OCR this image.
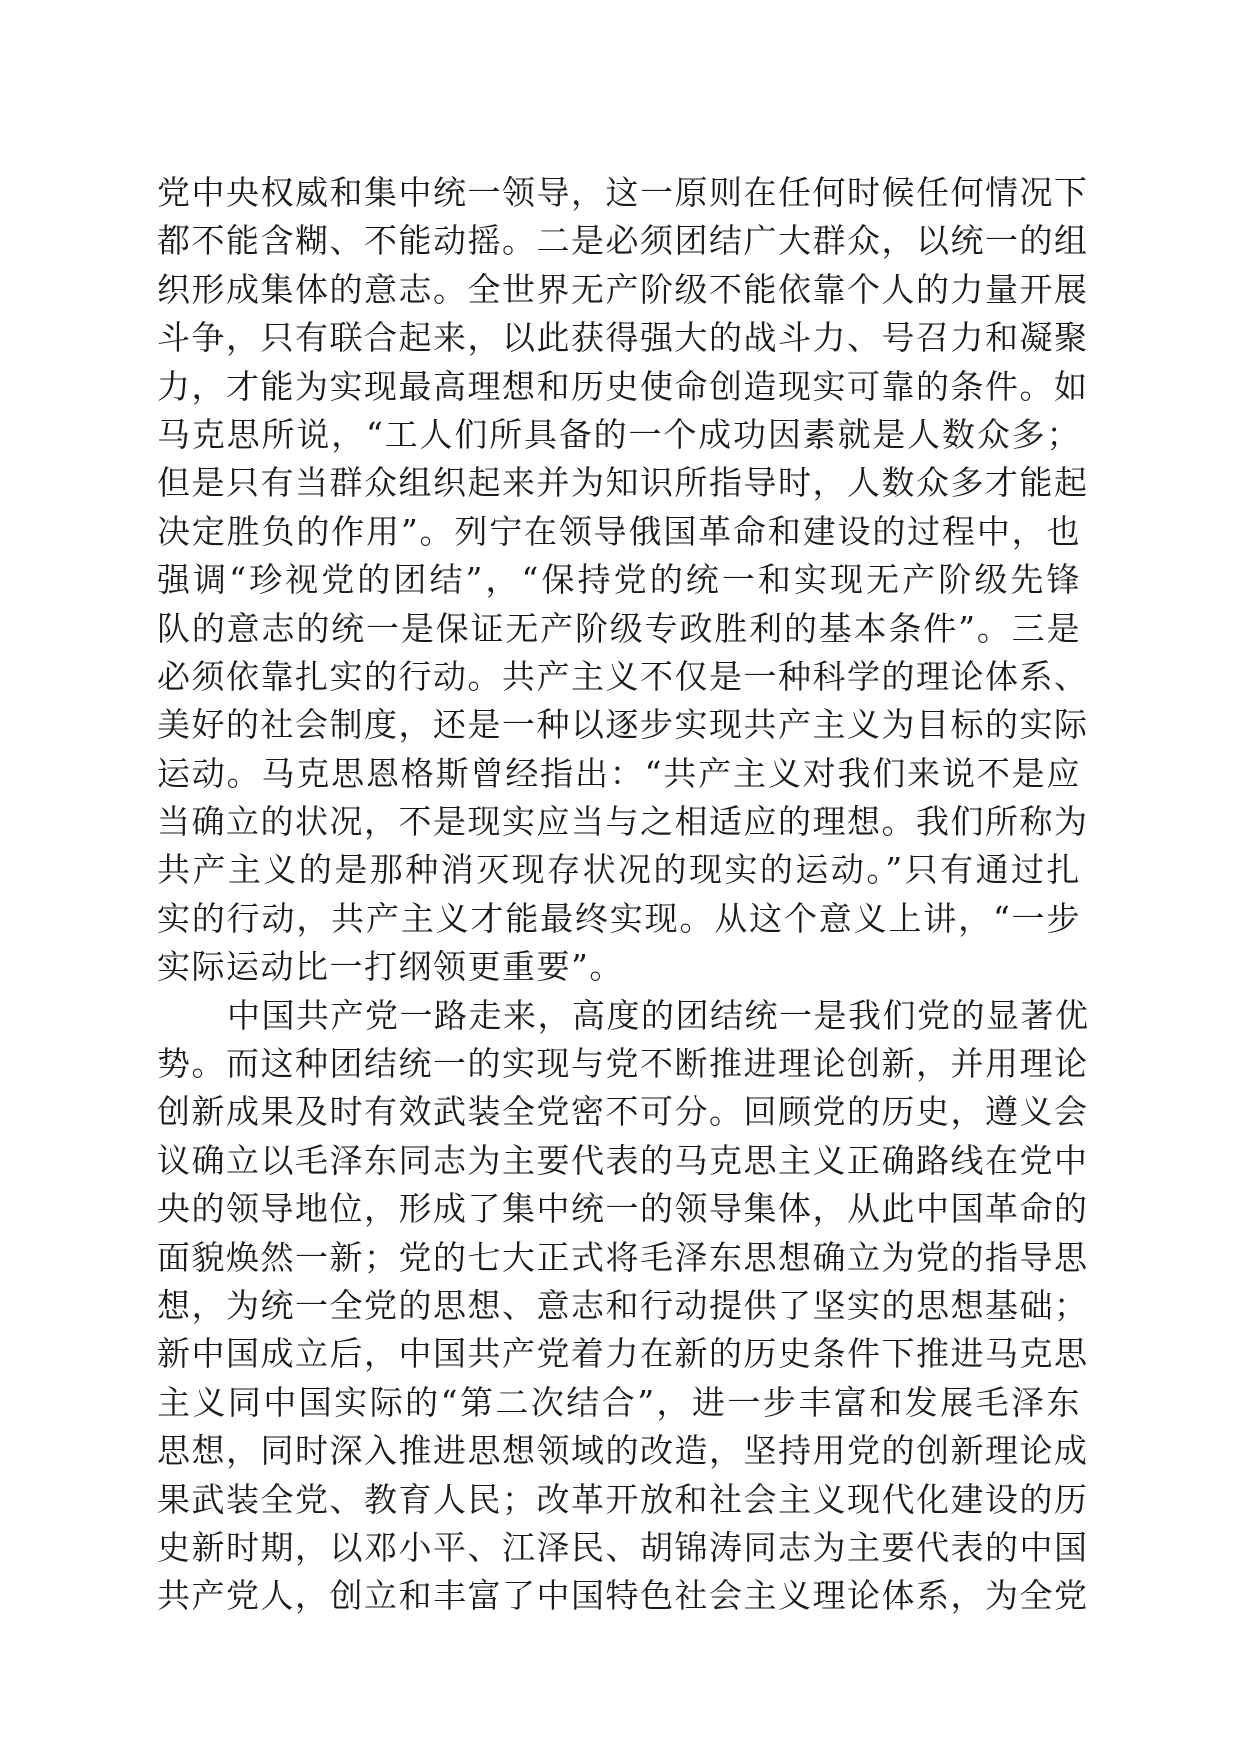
党中央权威和集中统一领导，这一原则在任何时候任何情况下
都不能含糊、不能动摇。二是必须团结广大群众，以统一的组
织形成集体的意志。全世界无产阶级不能依靠个人的力量开展
斗争，只有联合起来，以此获得强大的战斗力、号召力和凝聚
力，才能为实现最高理想和历史使命创造现实可靠的条件。如
马克思所说，“工人们所具备的一个成功因素就是人数众多；
但是只有当群众组织起来并为知识所指导时，人数众多才能起
决定胜负的作用”。列宁在领导俄国革命和建设的过程中，也
强调“珍视党的团结”，“保持党的统一和实现无产阶级先锋
队的意志的统一是保证无产阶级专政胜利的基本条件”。三是
必须依靠扎实的行动。共产主义不仅是一种科学的理论体系、
美好的社会制度，还是一种以逐步实现共产主义为目标的实际
运动。马克思恩格斯曾经指出：“共产主义对我们来说不是应
当确立的状况，不是现实应当与之相适应的理想。我们所称为
共产主义的是那种消灭现存状况的现实的运动。”只有通过扎
实的行动，共产主义才能最终实现。从这个意义上讲，“一步
实际运动比一打纲领更重要”。
中国共产党一路走来，高度的团结统一是我们党的显著优
势。而这种团结统一的实现与党不断推进理论创新，并用理论
创新成果及时有效武装全党密不可分。回顾党的历史，遵义会
议确立以毛泽东同志为主要代表的马克思主义正确路线在党中
央的领导地位，形成了集中统一的领导集体，从此中国革命的
面貌焕然一新；党的七大正式将毛泽东思想确立为党的指导思
想，为统一全党的思想、意志和行动提供了坚实的思想基础；
新中国成立后，中国共产党着力在新的历史条件下推进马克思
主义同中国实际的“第二次结合”，进一步丰富和发展毛泽东
思想，同时深入推进思想领域的改造，坚持用党的创新理论成
果武装全党、教育人民；改革开放和社会主义现代化建设的历
史新时期，以邓小平、江泽民、胡锦涛同志为主要代表的中国
共产党人，创立和丰富了中国特色社会主义理论体系，为全党
